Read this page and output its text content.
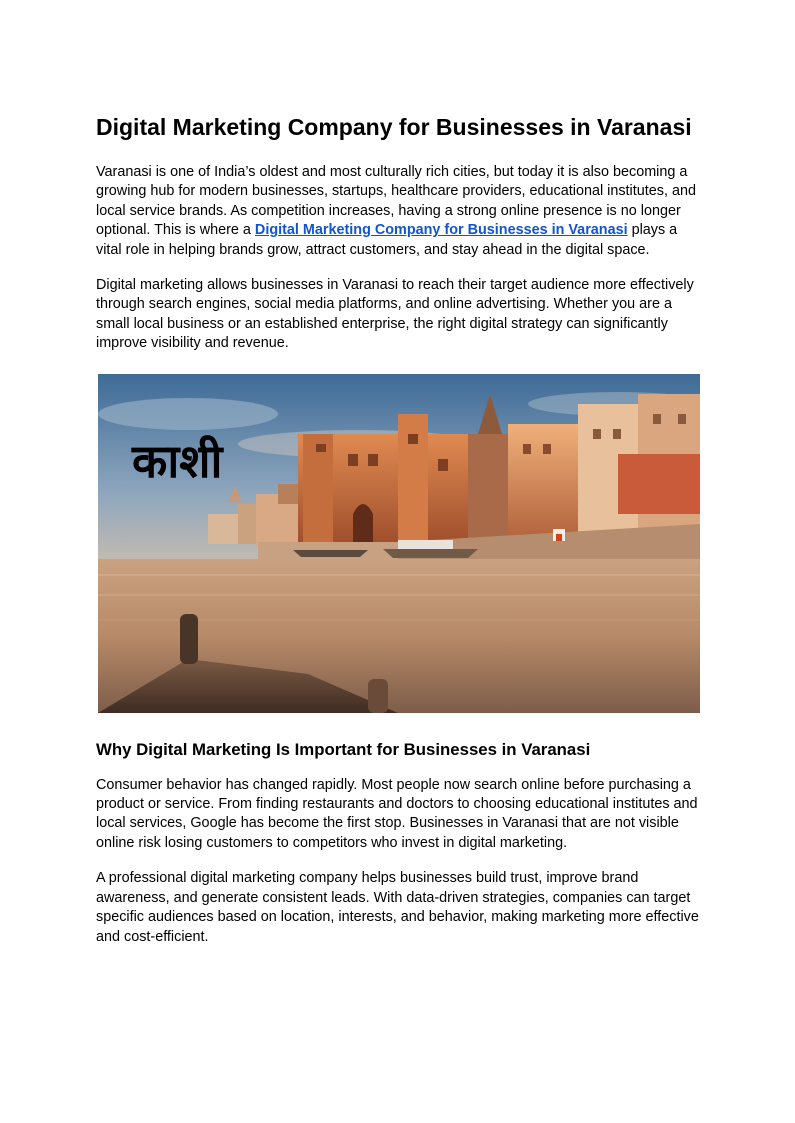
Digital Marketing Company for Businesses in Varanasi

Varanasi is one of India’s oldest and most culturally rich cities, but today it is also becoming a growing hub for modern businesses, startups, healthcare providers, educational institutes, and local service brands. As competition increases, having a strong online presence is no longer optional. This is where a Digital Marketing Company for Businesses in Varanasi plays a vital role in helping brands grow, attract customers, and stay ahead in the digital space.

Digital marketing allows businesses in Varanasi to reach their target audience more effectively through search engines, social media platforms, and online advertising. Whether you are a small local business or an established enterprise, the right digital strategy can significantly improve visibility and revenue.

Why Digital Marketing Is Important for Businesses in Varanasi

Consumer behavior has changed rapidly. Most people now search online before purchasing a product or service. From finding restaurants and doctors to choosing educational institutes and local services, Google has become the first stop. Businesses in Varanasi that are not visible online risk losing customers to competitors who invest in digital marketing.

A professional digital marketing company helps businesses build trust, improve brand awareness, and generate consistent leads. With data-driven strategies, companies can target specific audiences based on location, interests, and behavior, making marketing more effective and cost-efficient.

काशी
